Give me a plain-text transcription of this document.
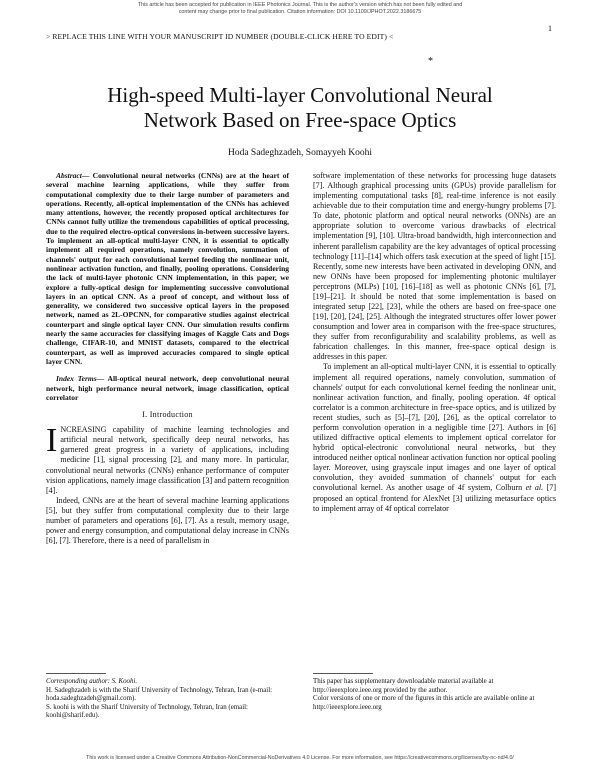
This article has been accepted for publication in IEEE Photonics Journal. This is the author's version which has not been fully edited and
content may change prior to final publication. Citation information: DOI 10.1109/JPHOT.2022.3186675
> REPLACE THIS LINE WITH YOUR MANUSCRIPT ID NUMBER (DOUBLE-CLICK HERE TO EDIT) <
1
*
High-speed Multi-layer Convolutional Neural
Network Based on Free-space Optics
Hoda Sadeghzadeh, Somayyeh Koohi

Abstract— Convolutional neural networks (CNNs) are at the heart of several machine learning applications, while they suffer from computational complexity due to their large number of parameters and operations. Recently, all-optical implementation of the CNNs has achieved many attentions, however, the recently proposed optical architectures for CNNs cannot fully utilize the tremendous capabilities of optical processing, due to the required electro-optical conversions in-between successive layers. To implement an all-optical multi-layer CNN, it is essential to optically implement all required operations, namely convolution, summation of channels' output for each convolutional kernel feeding the nonlinear unit, nonlinear activation function, and finally, pooling operations. Considering the lack of multi-layer photonic CNN implementation, in this paper, we explore a fully-optical design for implementing successive convolutional layers in an optical CNN. As a proof of concept, and without loss of generality, we considered two successive optical layers in the proposed network, named as 2L-OPCNN, for comparative studies against electrical counterpart and single optical layer CNN. Our simulation results confirm nearly the same accuracies for classifying images of Kaggle Cats and Dogs challenge, CIFAR-10, and MNIST datasets, compared to the electrical counterpart, as well as improved accuracies compared to single optical layer CNN.

Index Terms— All-optical neural network, deep convolutional neural network, high performance neural network, image classification, optical correlator

I. Introduction

INCREASING capability of machine learning technologies and artificial neural network, specifically deep neural networks, has garnered great progress in a variety of applications, including medicine [1], signal processing [2], and many more. In particular, convolutional neural networks (CNNs) enhance performance of computer vision applications, namely image classification [3] and pattern recognition [4].

Indeed, CNNs are at the heart of several machine learning applications [5], but they suffer from computational complexity due to their large number of parameters and operations [6], [7]. As a result, memory usage, power and energy consumption, and computational delay increase in CNNs [6], [7]. Therefore, there is a need of parallelism in

software implementation of these networks for processing huge datasets [7]. Although graphical processing units (GPUs) provide parallelism for implementing computational tasks [8], real-time inference is not easily achievable due to their computation time and energy-hungry problems [7]. To date, photonic platform and optical neural networks (ONNs) are an appropriate solution to overcome various drawbacks of electrical implementation [9], [10]. Ultra-broad bandwidth, high interconnection and inherent parallelism capability are the key advantages of optical processing technology [11]–[14] which offers task execution at the speed of light [15]. Recently, some new interests have been activated in developing ONN, and new ONNs have been proposed for implementing photonic multilayer perceptrons (MLPs) [10], [16]–[18] as well as photonic CNNs [6], [7], [19]–[21]. It should be noted that some implementation is based on integrated setup [22], [23], while the others are based on free-space one [19], [20], [24], [25]. Although the integrated structures offer lower power consumption and lower area in comparison with the free-space structures, they suffer from reconfigurability and scalability problems, as well as fabrication challenges. In this manner, free-space optical design is addresses in this paper.

To implement an all-optical multi-layer CNN, it is essential to optically implement all required operations, namely convolution, summation of channels' output for each convolutional kernel feeding the nonlinear unit, nonlinear activation function, and finally, pooling operation. 4f optical correlator is a common architecture in free-space optics, and is utilized by recent studies, such as [5]–[7], [20], [26], as the optical correlator to perform convolution operation in a negligible time [27]. Authors in [6] utilized diffractive optical elements to implement optical correlator for hybrid optical-electronic convolutional neural networks, but they introduced neither optical nonlinear activation function nor optical pooling layer. Moreover, using grayscale input images and one layer of optical convolution, they avoided summation of channels' output for each convolutional kernel. As another usage of 4f system, Colburn et al. [7] proposed an optical frontend for AlexNet [3] utilizing metasurface optics to implement array of 4f optical correlator

Corresponding author: S. Koohi.
H. Sadeghzadeh is with the Sharif University of Technology, Tehran, Iran (e-mail: hoda.sadeghzadeh@gmail.com).
S. koohi is with the Sharif University of Technology, Tehran, Iran (email: koohi@sharif.edu).
This paper has supplementary downloadable material available at http://ieeexplore.ieee.org provided by the author.
Color versions of one or more of the figures in this article are available online at http://ieeexplore.ieee.org
This work is licensed under a Creative Commons Attribution-NonCommercial-NoDerivatives 4.0 License. For more information, see https://creativecommons.org/licenses/by-nc-nd/4.0/
